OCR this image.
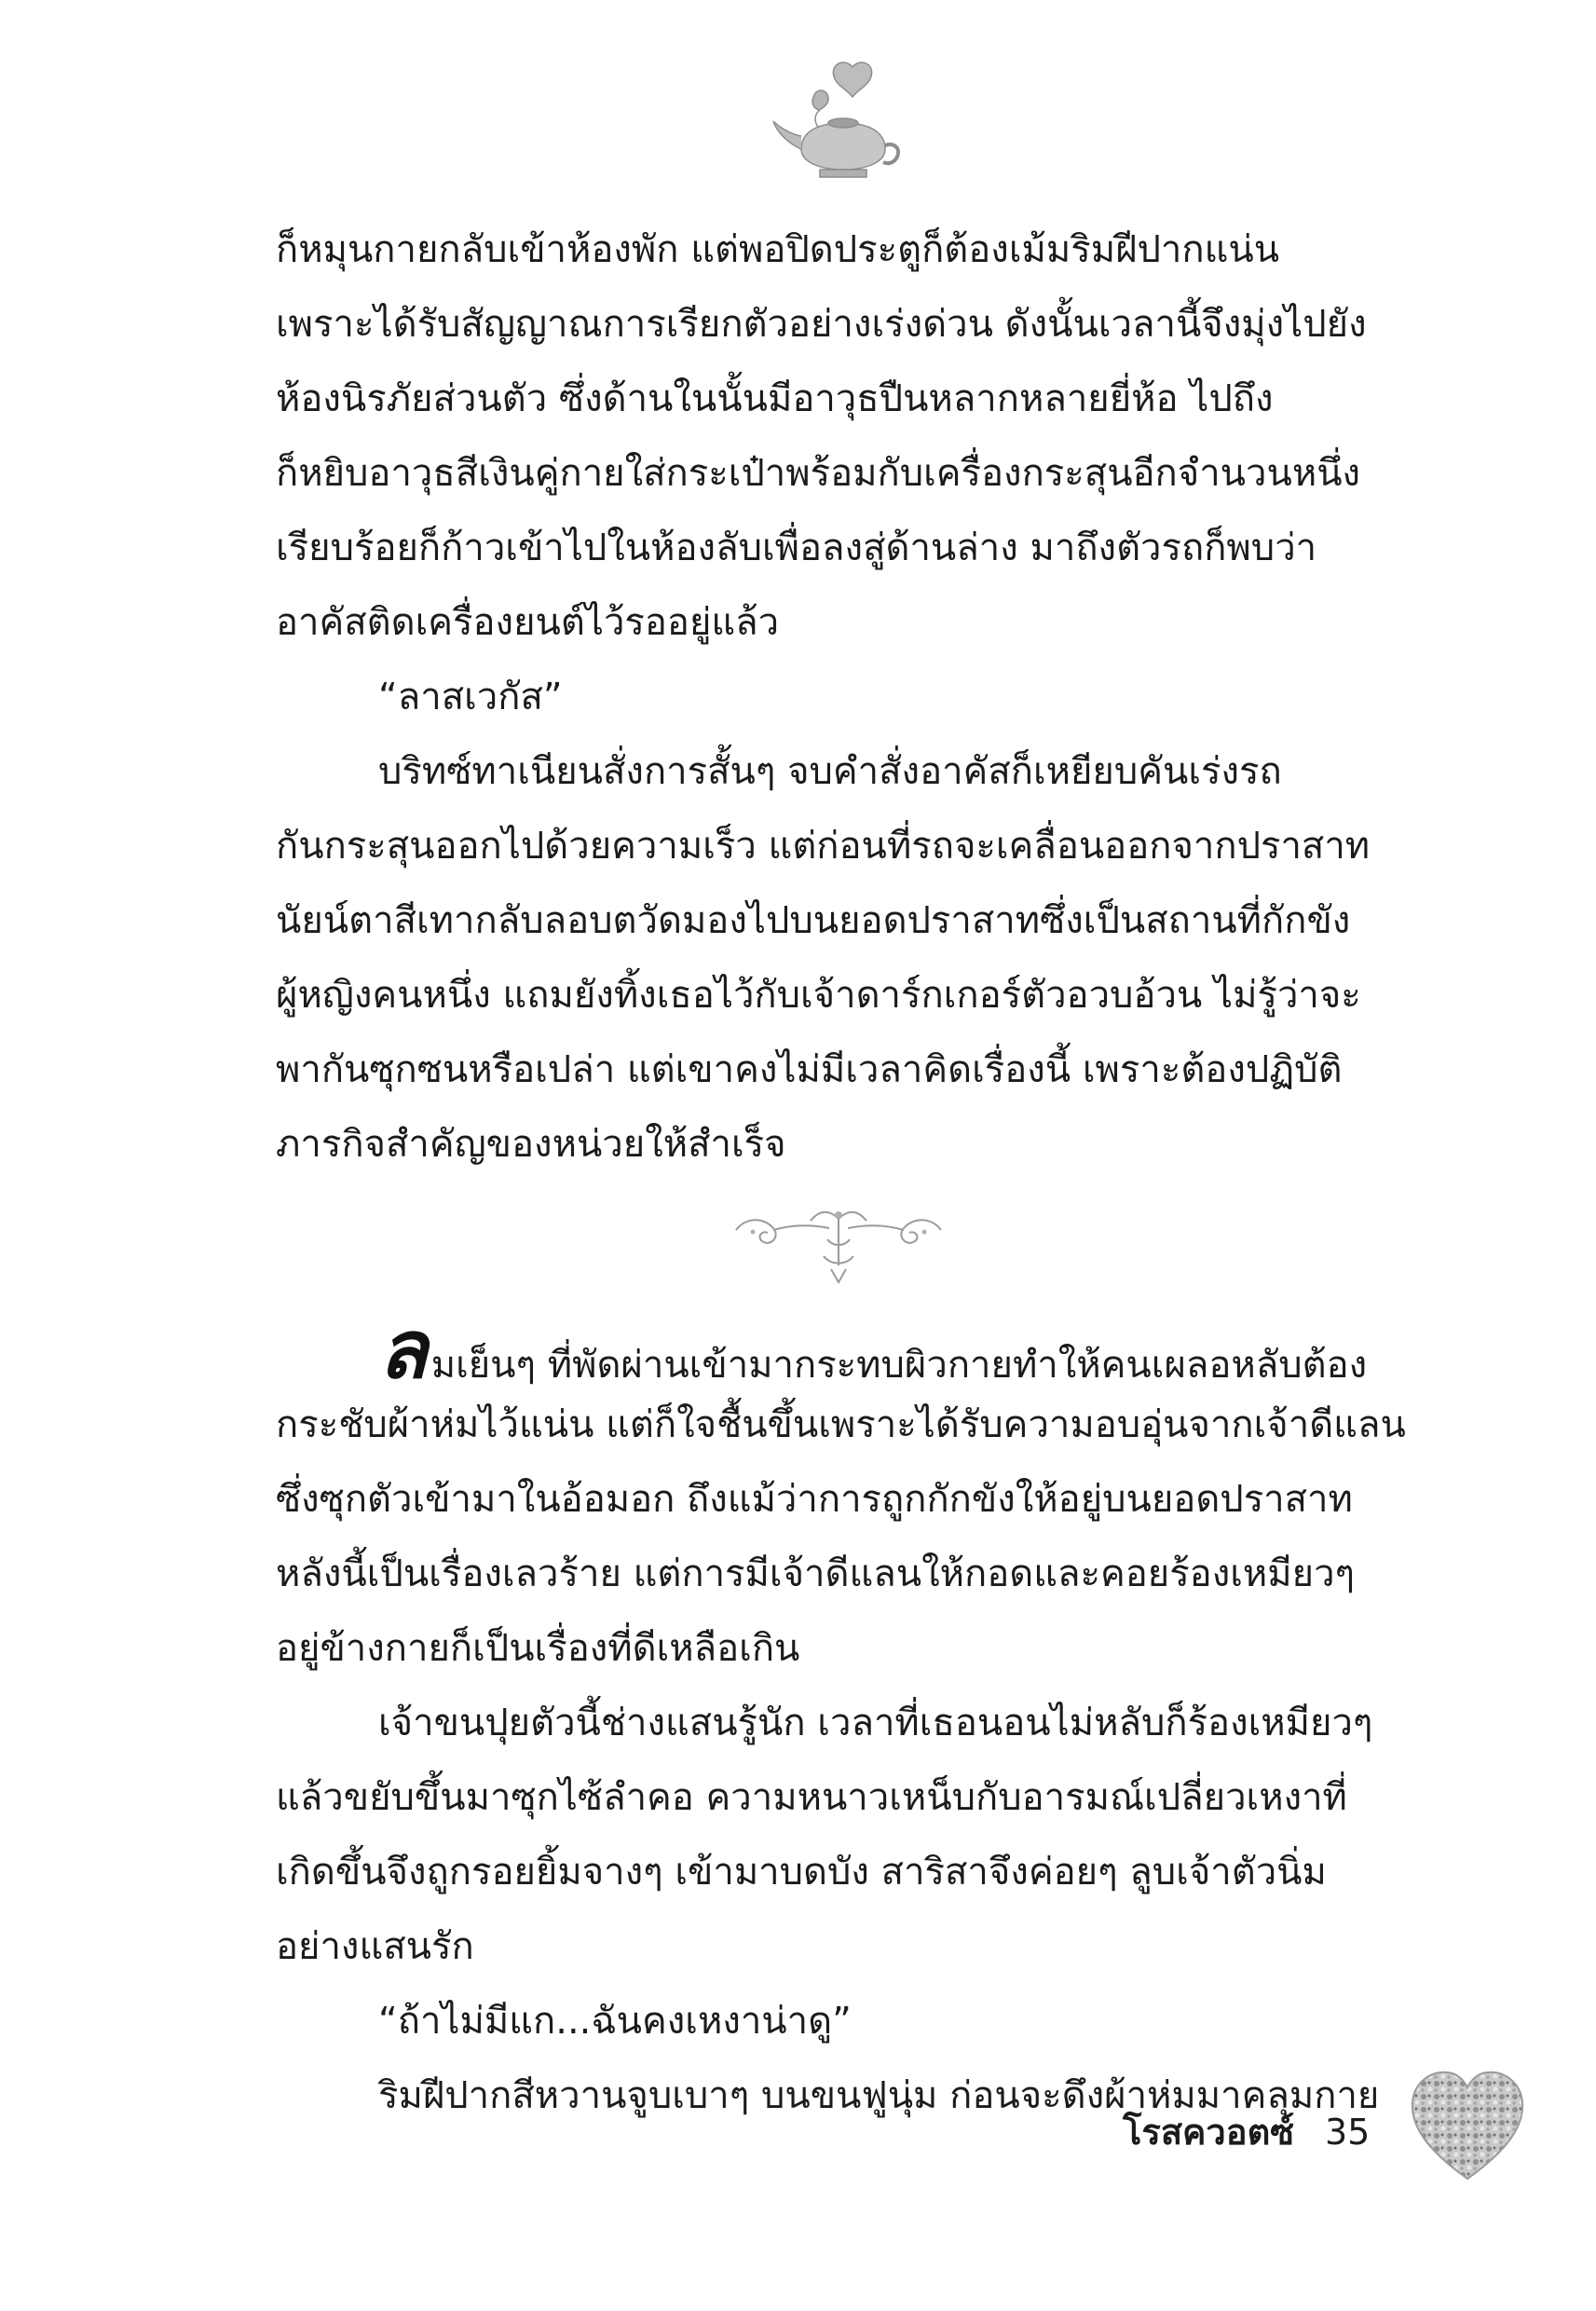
ก็หมุนกายกลับเข้าห้องพัก แต่พอปิดประตูก็ต้องเม้มริมฝีปากแน่น
เพราะได้รับสัญญาณการเรียกตัวอย่างเร่งด่วน ดังนั้นเวลานี้จึงมุ่งไปยัง
ห้องนิรภัยส่วนตัว ซึ่งด้านในนั้นมีอาวุธปืนหลากหลายยี่ห้อ ไปถึง
ก็หยิบอาวุธสีเงินคู่กายใส่กระเป๋าพร้อมกับเครื่องกระสุนอีกจำนวนหนึ่ง
เรียบร้อยก็ก้าวเข้าไปในห้องลับเพื่อลงสู่ด้านล่าง มาถึงตัวรถก็พบว่า
อาคัสติดเครื่องยนต์ไว้รออยู่แล้ว
“ลาสเวกัส”
บริทซ์ทาเนียนสั่งการสั้นๆ จบคำสั่งอาคัสก็เหยียบคันเร่งรถ
กันกระสุนออกไปด้วยความเร็ว แต่ก่อนที่รถจะเคลื่อนออกจากปราสาท
นัยน์ตาสีเทากลับลอบตวัดมองไปบนยอดปราสาทซึ่งเป็นสถานที่กักขัง
ผู้หญิงคนหนึ่ง แถมยังทิ้งเธอไว้กับเจ้าดาร์กเกอร์ตัวอวบอ้วน ไม่รู้ว่าจะ
พากันซุกซนหรือเปล่า แต่เขาคงไม่มีเวลาคิดเรื่องนี้ เพราะต้องปฏิบัติ
ภารกิจสำคัญของหน่วยให้สำเร็จ
ลมเย็นๆ ที่พัดผ่านเข้ามากระทบผิวกายทำให้คนเผลอหลับต้อง
กระชับผ้าห่มไว้แน่น แต่ก็ใจชื้นขึ้นเพราะได้รับความอบอุ่นจากเจ้าดีแลน
ซึ่งซุกตัวเข้ามาในอ้อมอก ถึงแม้ว่าการถูกกักขังให้อยู่บนยอดปราสาท
หลังนี้เป็นเรื่องเลวร้าย แต่การมีเจ้าดีแลนให้กอดและคอยร้องเหมียวๆ
อยู่ข้างกายก็เป็นเรื่องที่ดีเหลือเกิน
เจ้าขนปุยตัวนี้ช่างแสนรู้นัก เวลาที่เธอนอนไม่หลับก็ร้องเหมียวๆ
แล้วขยับขึ้นมาซุกไซ้ลำคอ ความหนาวเหน็บกับอารมณ์เปลี่ยวเหงาที่
เกิดขึ้นจึงถูกรอยยิ้มจางๆ เข้ามาบดบัง สาริสาจึงค่อยๆ ลูบเจ้าตัวนิ่ม
อย่างแสนรัก
“ถ้าไม่มีแก...ฉันคงเหงาน่าดู”
ริมฝีปากสีหวานจูบเบาๆ บนขนฟูนุ่ม ก่อนจะดึงผ้าห่มมาคลุมกาย
โรสควอตซ์ 35
